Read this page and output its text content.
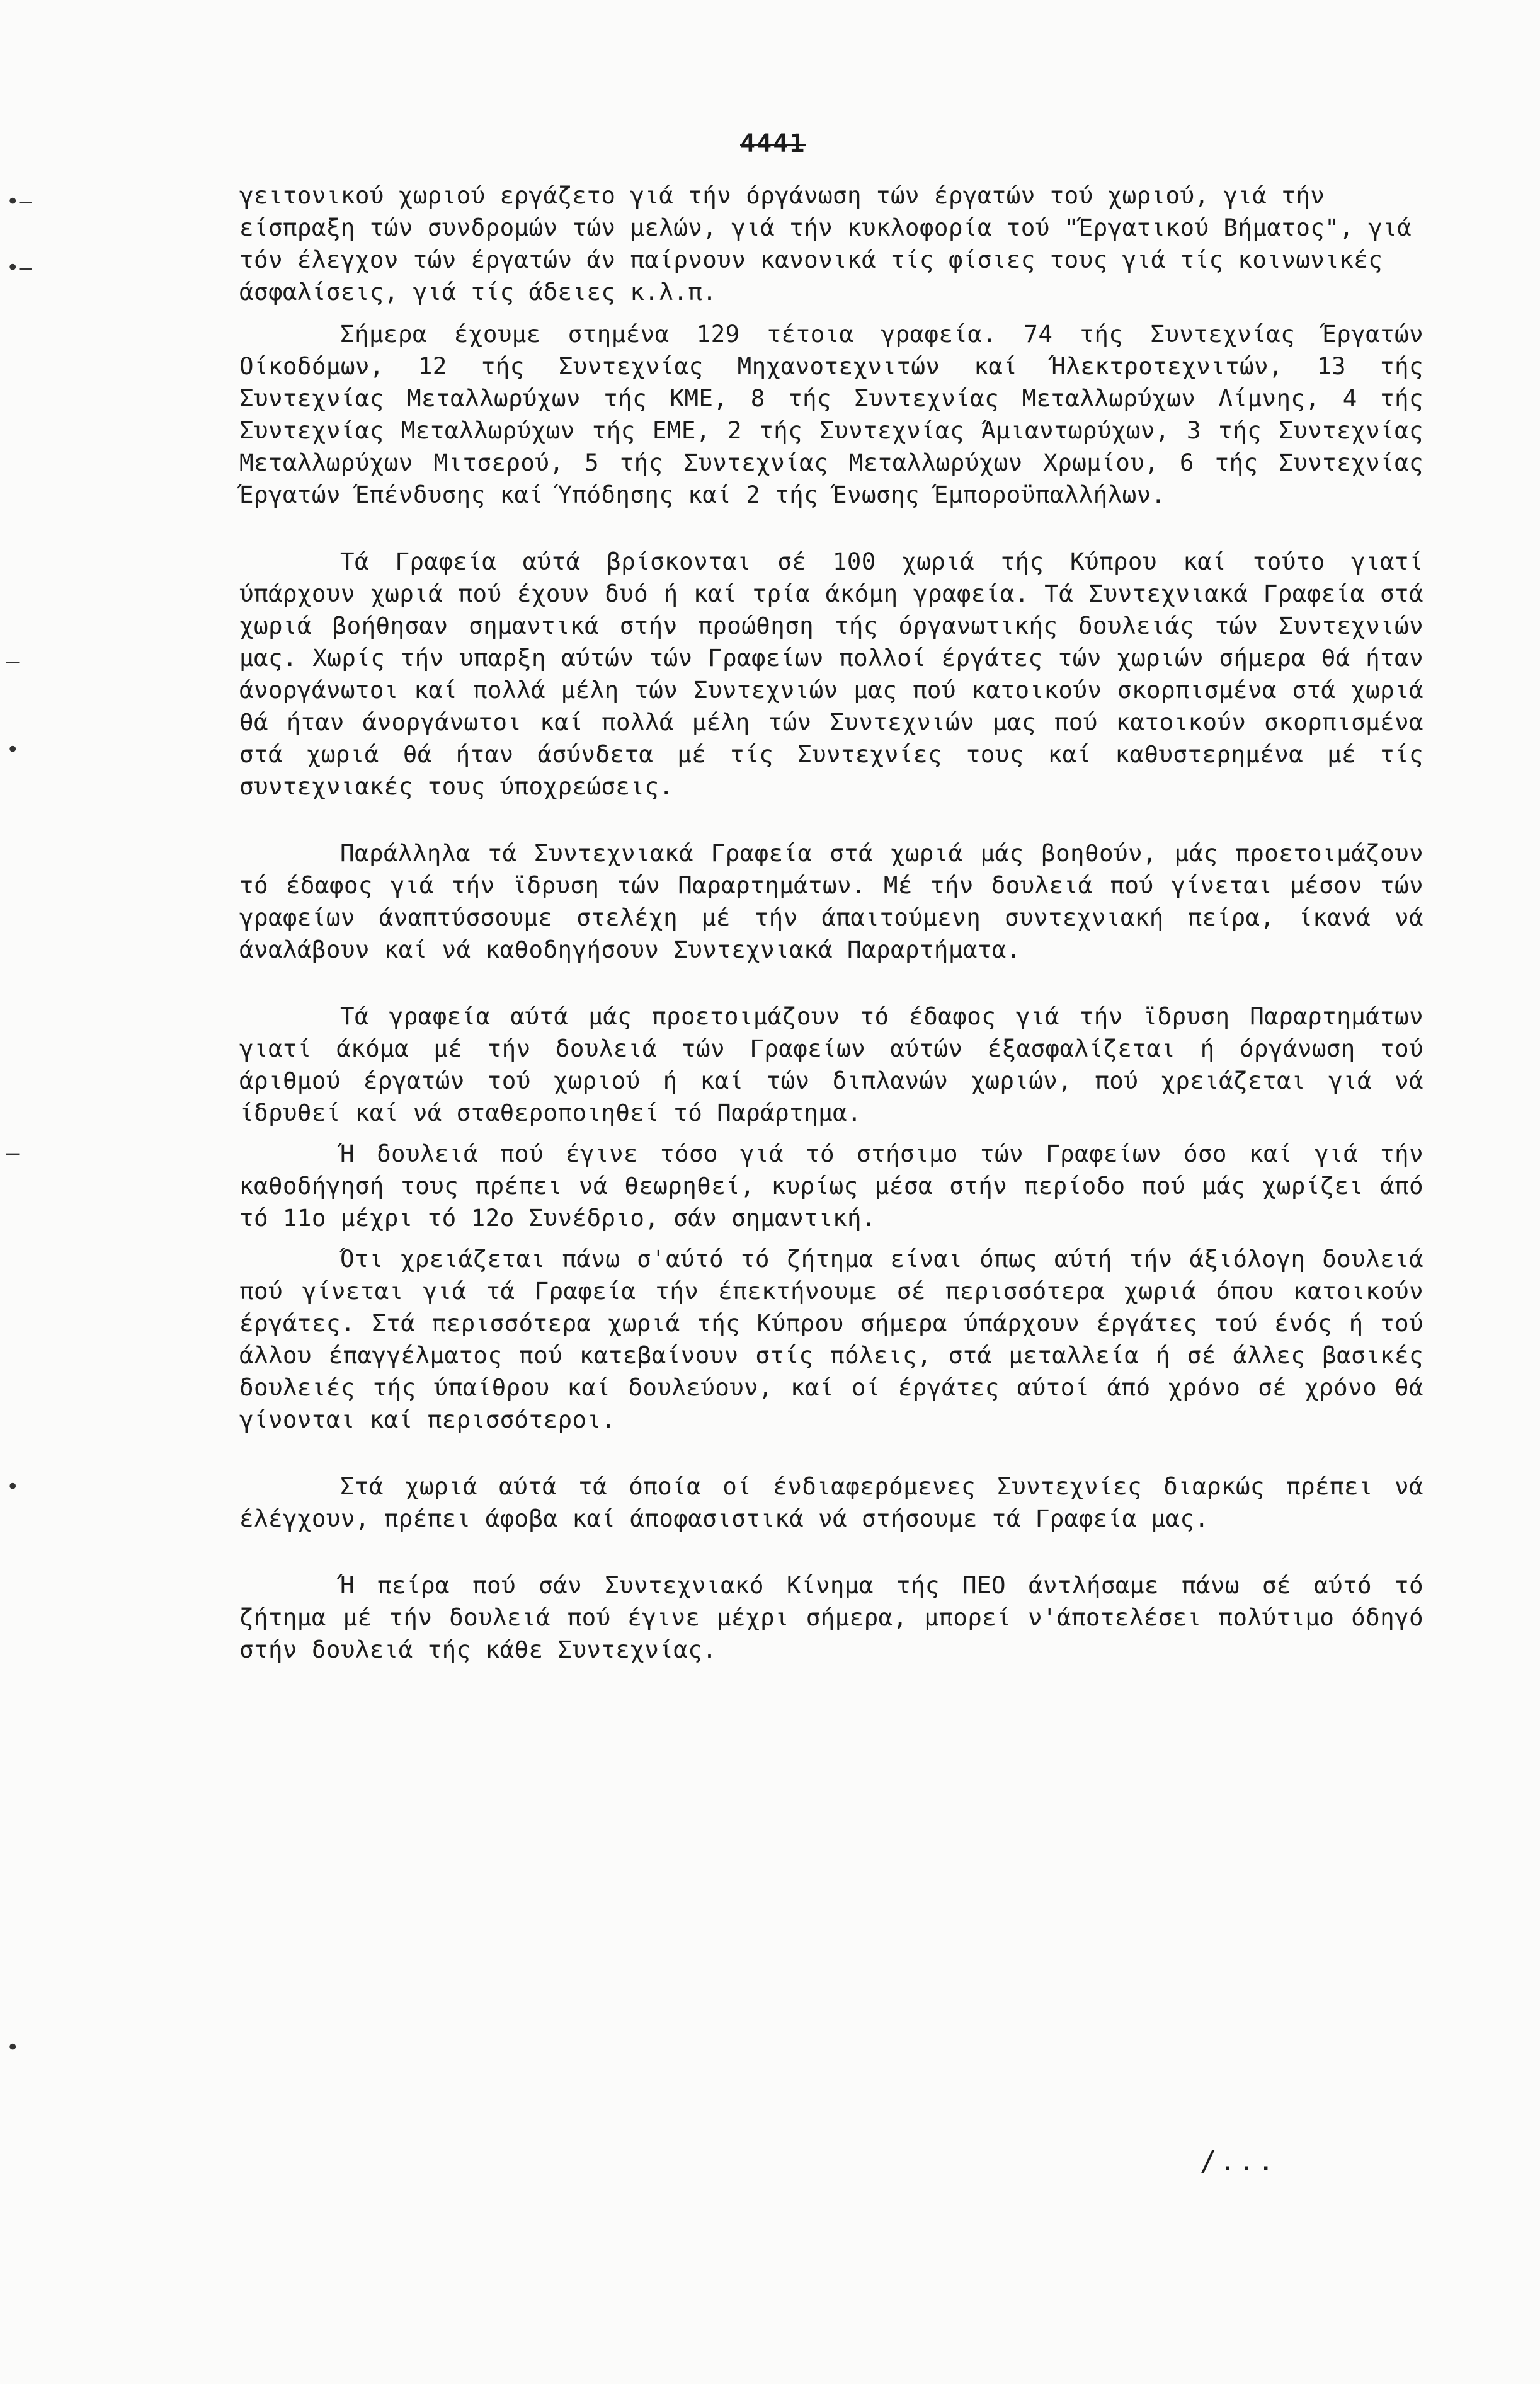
4441
•–
•–
–
•
–
•
•

γειτονικού χωριού εργάζετο γιά τήν όργάνωση τών έργατών τού χωριού, γιά τήν είσπραξη τών συνδρομών τών μελών, γιά τήν κυκλοφορία τού "Έργατικού Βήματος", γιά τόν έλεγχον τών έργατών άν παίρνουν κανονικά τίς φίσιες τους γιά τίς κοινωνικές άσφαλίσεις, γιά τίς άδειες κ.λ.π.

Σήμερα έχουμε στημένα 129 τέτοια γραφεία. 74 τής Συντεχνίας Έργατών Οίκοδόμων, 12 τής Συντεχνίας Μηχανοτεχνιτών καί Ήλεκτροτεχνιτών, 13 τής Συντεχνίας Μεταλλωρύχων τής ΚΜΕ, 8 τής Συντεχνίας Μεταλλωρύχων Λίμνης, 4 τής Συντεχνίας Μεταλλωρύχων τής ΕΜΕ, 2 τής Συντεχνίας Άμιαντωρύχων, 3 τής Συντεχνίας Μεταλλωρύχων Μιτσερού, 5 τής Συντεχνίας Μεταλλωρύχων Χρωμίου, 6 τής Συντεχνίας Έργατών Έπένδυσης καί Ύπόδησης καί 2 τής Ένωσης Έμποροϋπαλλήλων.

Τά Γραφεία αύτά βρίσκονται σέ 100 χωριά τής Κύπρου καί τούτο γιατί ύπάρχουν χωριά πού έχουν δυό ή καί τρία άκόμη γραφεία. Τά Συντεχνιακά Γραφεία στά χωριά βοήθησαν σημαντικά στήν προώθηση τής όργανωτικής δουλειάς τών Συντεχνιών μας. Χωρίς τήν υπαρξη αύτών τών Γραφείων πολλοί έργάτες τών χωριών σήμερα θά ήταν άνοργάνωτοι καί πολλά μέλη τών Συντεχνιών μας πού κατοικούν σκορπισμένα στά χωριά θά ήταν άνοργάνωτοι καί πολλά μέλη τών Συντεχνιών μας πού κατοικούν σκορπισμένα στά χωριά θά ήταν άσύνδετα μέ τίς Συντεχνίες τους καί καθυστερημένα μέ τίς συντεχνιακές τους ύποχρεώσεις.

Παράλληλα τά Συντεχνιακά Γραφεία στά χωριά μάς βοηθούν, μάς προετοιμάζουν τό έδαφος γιά τήν ϊδρυση τών Παραρτημάτων. Μέ τήν δουλειά πού γίνεται μέσον τών γραφείων άναπτύσσουμε στελέχη μέ τήν άπαιτούμενη συντεχνιακή πείρα, ίκανά νά άναλάβουν καί νά καθοδηγήσουν Συντεχνιακά Παραρτήματα.

Τά γραφεία αύτά μάς προετοιμάζουν τό έδαφος γιά τήν ϊδρυση Παραρτημάτων γιατί άκόμα μέ τήν δουλειά τών Γραφείων αύτών έξασφαλίζεται ή όργάνωση τού άριθμού έργατών τού χωριού ή καί τών διπλανών χωριών, πού χρειάζεται γιά νά ίδρυθεί καί νά σταθεροποιηθεί τό Παράρτημα.

Ή δουλειά πού έγινε τόσο γιά τό στήσιμο τών Γραφείων όσο καί γιά τήν καθοδήγησή τους πρέπει νά θεωρηθεί, κυρίως μέσα στήν περίοδο πού μάς χωρίζει άπό τό 11ο μέχρι τό 12ο Συνέδριο, σάν σημαντική.

Ότι χρειάζεται πάνω σ'αύτό τό ζήτημα είναι όπως αύτή τήν άξιόλογη δουλειά πού γίνεται γιά τά Γραφεία τήν έπεκτήνουμε σέ περισσότερα χωριά όπου κατοικούν έργάτες. Στά περισσότερα χωριά τής Κύπρου σήμερα ύπάρχουν έργάτες τού ένός ή τού άλλου έπαγγέλματος πού κατεβαίνουν στίς πόλεις, στά μεταλλεία ή σέ άλλες βασικές δουλειές τής ύπαίθρου καί δουλεύουν, καί οί έργάτες αύτοί άπό χρόνο σέ χρόνο θά γίνονται καί περισσότεροι.

Στά χωριά αύτά τά όποία οί ένδιαφερόμενες Συντεχνίες διαρκώς πρέπει νά έλέγχουν, πρέπει άφοβα καί άποφασιστικά νά στήσουμε τά Γραφεία μας.

Ή πείρα πού σάν Συντεχνιακό Κίνημα τής ΠΕΟ άντλήσαμε πάνω σέ αύτό τό ζήτημα μέ τήν δουλειά πού έγινε μέχρι σήμερα, μπορεί ν'άποτελέσει πολύτιμο όδηγό στήν δουλειά τής κάθε Συντεχνίας.

/...
